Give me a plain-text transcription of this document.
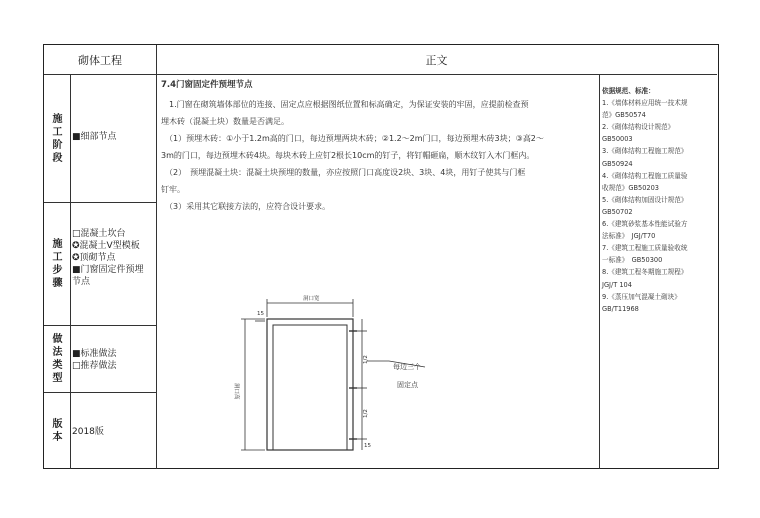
砌体工程	正文
施
工
阶
段
■细部节点
施
工
步
骤
□混凝土坎台
✪混凝土V型模板
✪顶砌节点
■门窗固定件预埋
节点
做
法
类
型
■标准做法
□推荐做法
版
本 2018版
7.4门窗固定件预埋节点

　1.门窗在砌筑墙体部位的连接、固定点应根据图纸位置和标高确定，为保证安装的牢固，应提前检查预

埋木砖（混凝土块）数量是否满足。

　（1）预埋木砖：①小于1.2m高的门口，每边预埋两块木砖；②1.2～2m门口，每边预埋木砖3块；③高2～

3m的门口，每边预埋木砖4块。每块木砖上应钉2根长10cm的钉子，将钉帽砸扁，顺木纹钉入木门框内。

　（2）　预埋混凝土块：混凝土块预埋的数量，亦应按照门口高度设2块、3块、4块，用钉子使其与门框

钉牢。

　（3）采用其它联接方法的，应符合设计要求。

洞口宽
洞口高
15
1/2
1/2
15
每边三个
固定点
依据规范、标准：
1.《墙体材料应用统一技术规
范》GB50574
2.《砌体结构设计规范》
GB50003
3.《砌体结构工程施工规范》
GB50924
4.《砌体结构工程施工质量验
收规范》GB50203
5.《砌体结构加固设计规范》
GB50702
6.《建筑砂浆基本性能试验方
法标准》　JGJ/T70
7.《建筑工程施工质量验收统
一标准》　GB50300
8.《建筑工程冬期施工规程》
JGJ/T 104
9.《蒸压加气混凝土砌块》
GB/T11968
